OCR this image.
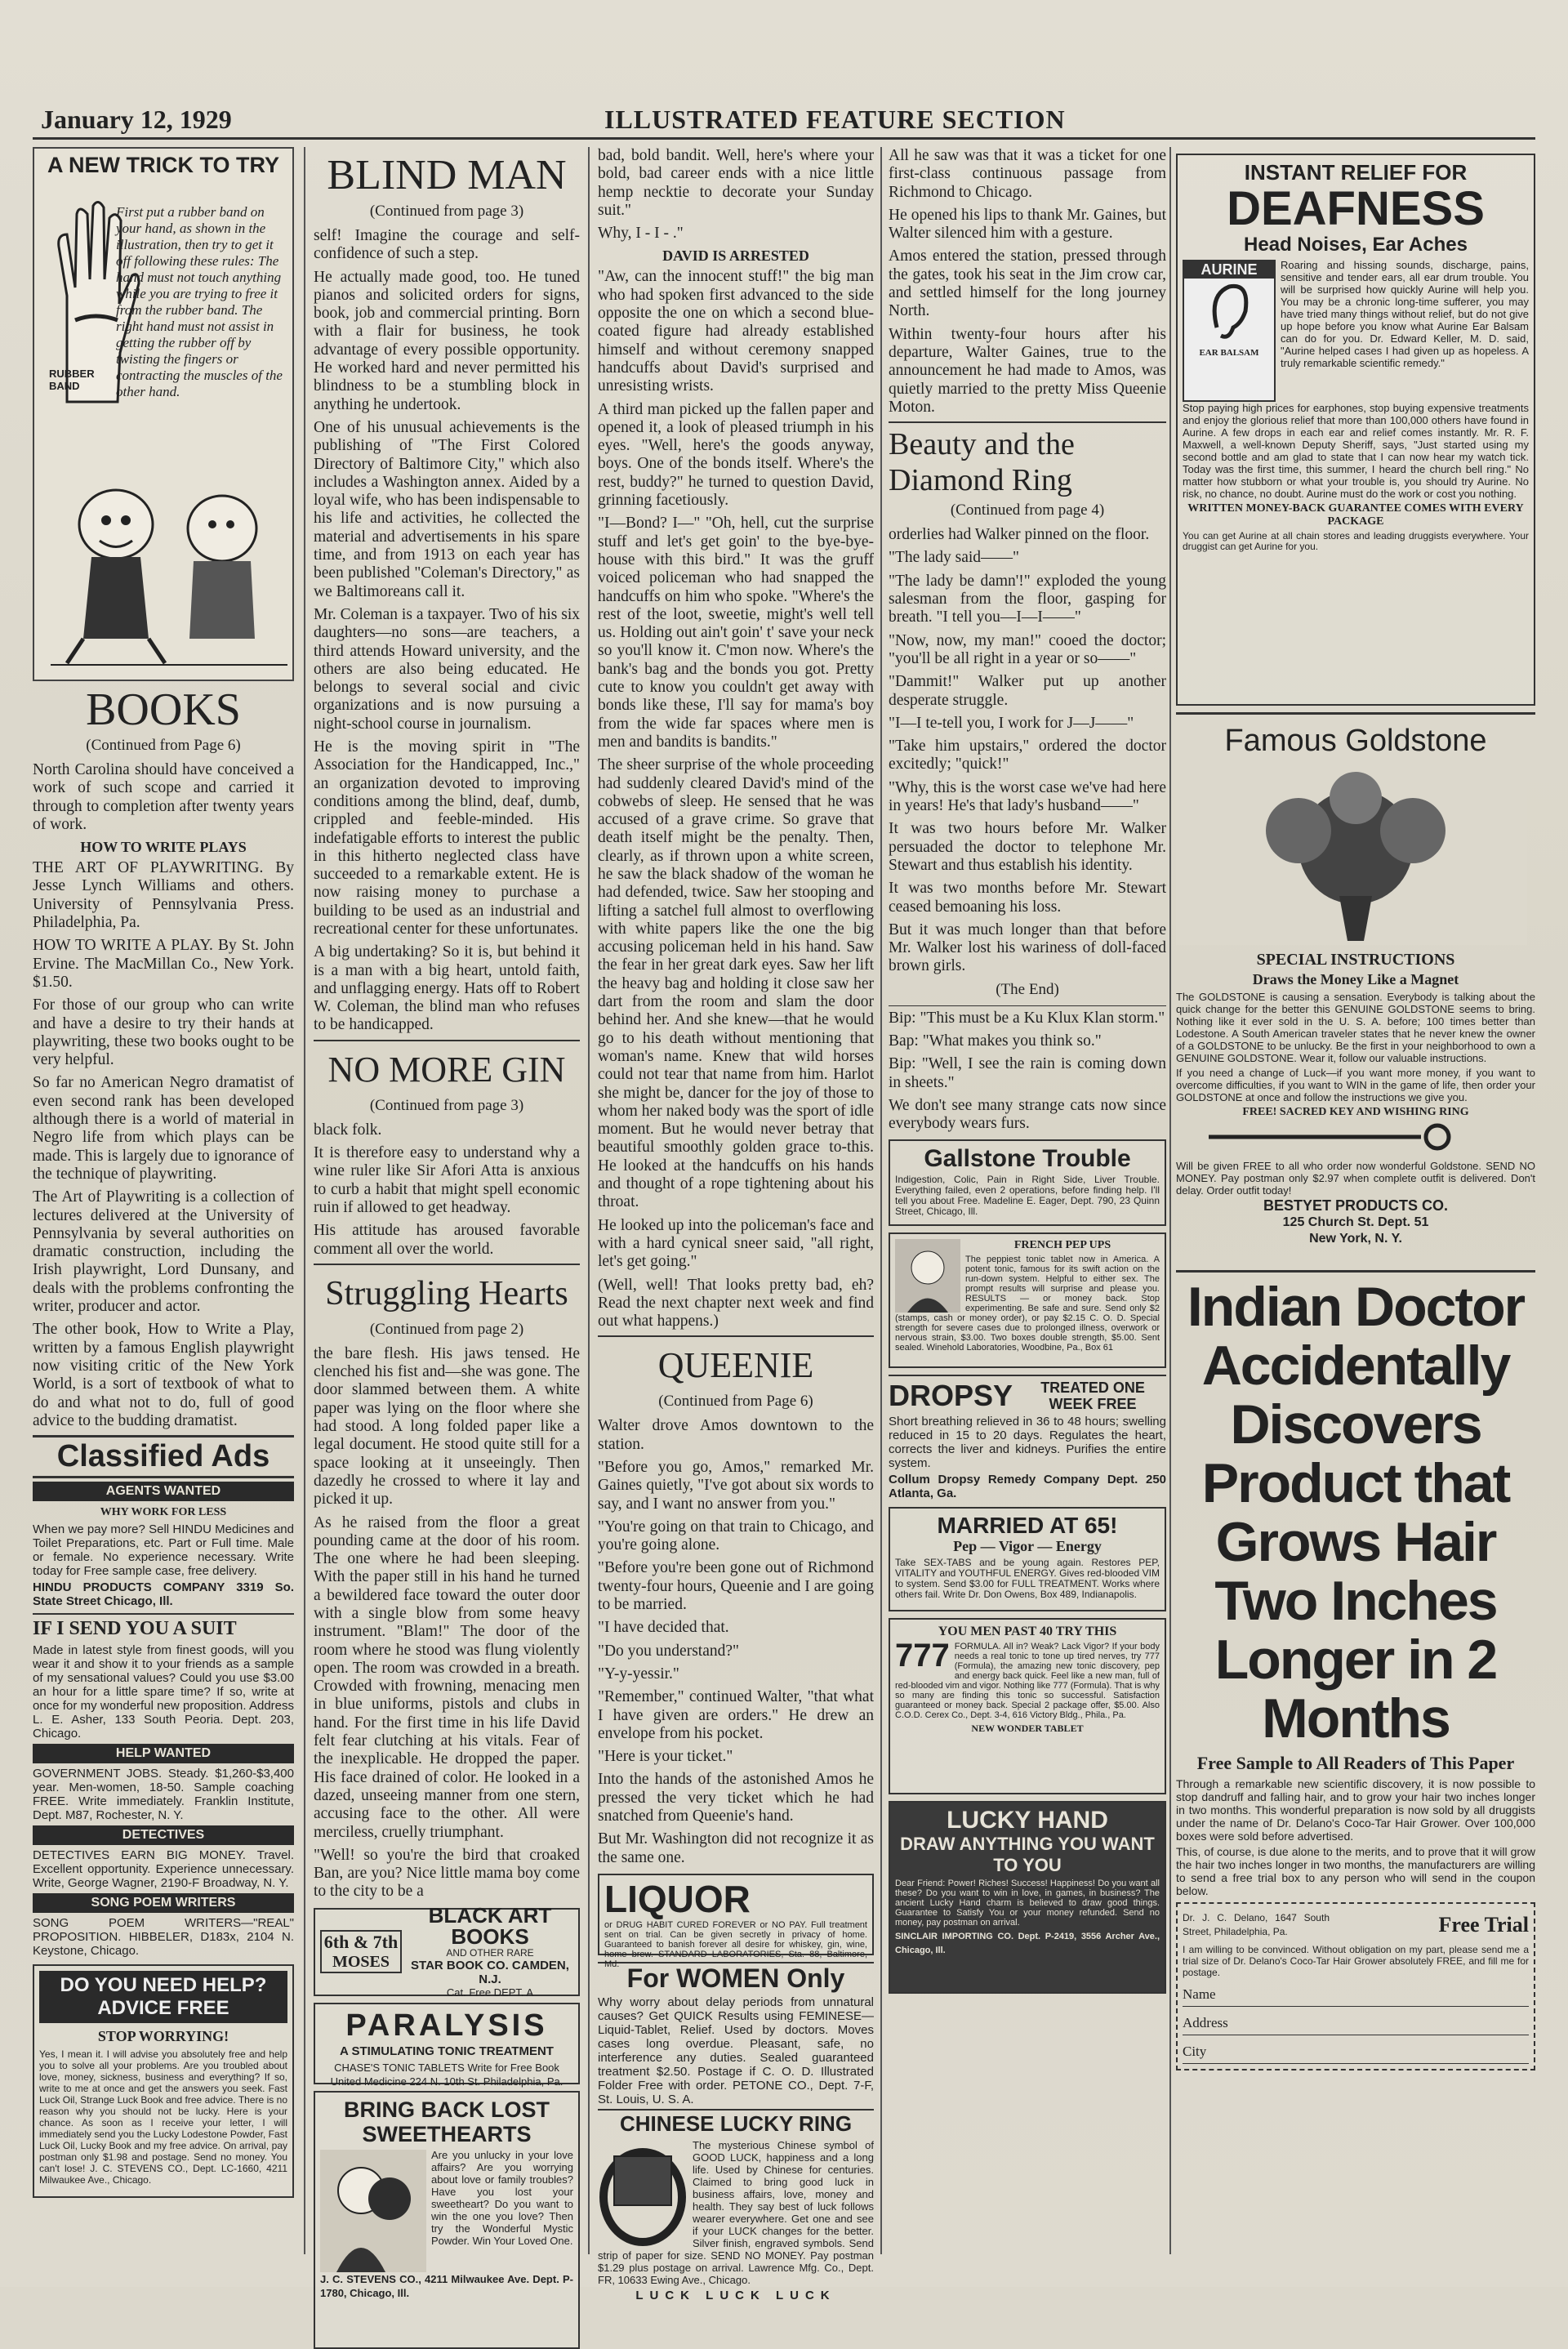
January 12, 1929	ILLUSTRATED FEATURE SECTION
A NEW TRICK TO TRY
RUBBER BAND
First put a rubber band on your hand, as shown in the illustration, then try to get it off following these rules: The hand must not touch anything while you are trying to free it from the rubber band. The right hand must not assist in getting the rubber off by twisting the fingers or contracting the muscles of the other hand.
BOOKS
(Continued from Page 6)

North Carolina should have conceived a work of such scope and carried it through to completion after twenty years of work.

HOW TO WRITE PLAYS

THE ART OF PLAYWRITING. By Jesse Lynch Williams and others. University of Pennsylvania Press. Philadelphia, Pa.

HOW TO WRITE A PLAY. By St. John Ervine. The MacMillan Co., New York. $1.50.

For those of our group who can write and have a desire to try their hands at playwriting, these two books ought to be very helpful.

So far no American Negro dramatist of even second rank has been developed although there is a world of material in Negro life from which plays can be made. This is largely due to ignorance of the technique of playwriting.

The Art of Playwriting is a collection of lectures delivered at the University of Pennsylvania by several authorities on dramatic construction, including the Irish playwright, Lord Dunsany, and deals with the problems confronting the writer, producer and actor.

The other book, How to Write a Play, written by a famous English playwright now visiting critic of the New York World, is a sort of textbook of what to do and what not to do, full of good advice to the budding dramatist.

Classified Ads
AGENTS WANTED
WHY WORK FOR LESS

When we pay more? Sell HINDU Medicines and Toilet Preparations, etc. Part or Full time. Male or female. No experience necessary. Write today for Free sample case, free delivery.

HINDU PRODUCTS COMPANY 3319 So. State Street Chicago, Ill.

IF I SEND YOU A SUIT

Made in latest style from finest goods, will you wear it and show it to your friends as a sample of my sensational values? Could you use $3.00 an hour for a little spare time? If so, write at once for my wonderful new proposition. Address L. E. Asher, 133 South Peoria. Dept. 203, Chicago.

HELP WANTED

GOVERNMENT JOBS. Steady. $1,260-$3,400 year. Men-women, 18-50. Sample coaching FREE. Write immediately. Franklin Institute, Dept. M87, Rochester, N. Y.

DETECTIVES

DETECTIVES EARN BIG MONEY. Travel. Excellent opportunity. Experience unnecessary. Write, George Wagner, 2190-F Broadway, N. Y.

SONG POEM WRITERS

SONG POEM WRITERS—"REAL" PROPOSITION. HIBBELER, D183x, 2104 N. Keystone, Chicago.

DO YOU NEED HELP? ADVICE FREE
STOP WORRYING!

Yes, I mean it. I will advise you absolutely free and help you to solve all your problems. Are you troubled about love, money, sickness, business and everything? If so, write to me at once and get the answers you seek. Fast Luck Oil, Strange Luck Book and free advice. There is no reason why you should not be lucky. Here is your chance. As soon as I receive your letter, I will immediately send you the Lucky Lodestone Powder, Fast Luck Oil, Lucky Book and my free advice. On arrival, pay postman only $1.98 and postage. Send no money. You can't lose! J. C. STEVENS CO., Dept. LC-1660, 4211 Milwaukee Ave., Chicago.

BLIND MAN
(Continued from page 3)

self! Imagine the courage and self-confidence of such a step.

He actually made good, too. He tuned pianos and solicited orders for signs, book, job and commercial printing. Born with a flair for business, he took advantage of every possible opportunity. He worked hard and never permitted his blindness to be a stumbling block in anything he undertook.

One of his unusual achievements is the publishing of "The First Colored Directory of Baltimore City," which also includes a Washington annex. Aided by a loyal wife, who has been indispensable to his life and activities, he collected the material and advertisements in his spare time, and from 1913 on each year has been published "Coleman's Directory," as we Baltimoreans call it.

Mr. Coleman is a taxpayer. Two of his six daughters—no sons—are teachers, a third attends Howard university, and the others are also being educated. He belongs to several social and civic organizations and is now pursuing a night-school course in journalism.

He is the moving spirit in "The Association for the Handicapped, Inc.," an organization devoted to improving conditions among the blind, deaf, dumb, crippled and feeble-minded. His indefatigable efforts to interest the public in this hitherto neglected class have succeeded to a remarkable extent. He is now raising money to purchase a building to be used as an industrial and recreational center for these unfortunates.

A big undertaking? So it is, but behind it is a man with a big heart, untold faith, and unflagging energy. Hats off to Robert W. Coleman, the blind man who refuses to be handicapped.

NO MORE GIN
(Continued from page 3)

black folk.

It is therefore easy to understand why a wine ruler like Sir Afori Atta is anxious to curb a habit that might spell economic ruin if allowed to get headway.

His attitude has aroused favorable comment all over the world.

Struggling Hearts
(Continued from page 2)

the bare flesh. His jaws tensed. He clenched his fist and—she was gone. The door slammed between them. A white paper was lying on the floor where she had stood. A long folded paper like a legal document. He stood quite still for a space looking at it unseeingly. Then dazedly he crossed to where it lay and picked it up.

As he raised from the floor a great pounding came at the door of his room. The one where he had been sleeping. With the paper still in his hand he turned a bewildered face toward the outer door with a single blow from some heavy instrument. "Blam!" The door of the room where he stood was flung violently open. The room was crowded in a breath. Crowded with frowning, menacing men in blue uniforms, pistols and clubs in hand. For the first time in his life David felt fear clutching at his vitals. Fear of the inexplicable. He dropped the paper. His face drained of color. He looked in a dazed, unseeing manner from one stern, accusing face to the other. All were merciless, cruelly triumphant.

"Well! so you're the bird that croaked Ban, are you? Nice little mama boy come to the city to be a

6th & 7th
MOSES
BLACK ART BOOKS
AND OTHER RARE
STAR BOOK CO. CAMDEN, N.J.
Cat. Free DEPT. A
PARALYSIS
A STIMULATING TONIC TREATMENT
CHASE'S TONIC TABLETS Write for Free Book United Medicine 224 N. 10th St. Philadelphia, Pa.
BRING BACK LOST SWEETHEARTS

Are you unlucky in your love affairs? Are you worrying about love or family troubles? Have you lost your sweetheart? Do you want to win the one you love? Then try the Wonderful Mystic Powder. Win Your Loved One.

J. C. STEVENS CO., 4211 Milwaukee Ave. Dept. P-1780, Chicago, Ill.

bad, bold bandit. Well, here's where your bold, bad career ends with a nice little hemp necktie to decorate your Sunday suit."

Why, I - I - ."

DAVID IS ARRESTED

"Aw, can the innocent stuff!" the big man who had spoken first advanced to the side opposite the one on which a second blue-coated figure had already established himself and without ceremony snapped handcuffs about David's surprised and unresisting wrists.

A third man picked up the fallen paper and opened it, a look of pleased triumph in his eyes. "Well, here's the goods anyway, boys. One of the bonds itself. Where's the rest, buddy?" he turned to question David, grinning facetiously.

"I—Bond? I—" "Oh, hell, cut the surprise stuff and let's get goin' to the bye-bye-house with this bird." It was the gruff voiced policeman who had snapped the handcuffs on him who spoke. "Where's the rest of the loot, sweetie, might's well tell us. Holding out ain't goin' t' save your neck so you'll know it. C'mon now. Where's the bank's bag and the bonds you got. Pretty cute to know you couldn't get away with bonds like these, I'll say for mama's boy from the wide far spaces where men is men and bandits is bandits."

The sheer surprise of the whole proceeding had suddenly cleared David's mind of the cobwebs of sleep. He sensed that he was accused of a grave crime. So grave that death itself might be the penalty. Then, clearly, as if thrown upon a white screen, he saw the black shadow of the woman he had defended, twice. Saw her stooping and lifting a satchel full almost to overflowing with white papers like the one the big accusing policeman held in his hand. Saw the fear in her great dark eyes. Saw her lift the heavy bag and holding it close saw her dart from the room and slam the door behind her. And she knew—that he would go to his death without mentioning that woman's name. Knew that wild horses could not tear that name from him. Harlot she might be, dancer for the joy of those to whom her naked body was the sport of idle moment. But he would never betray that beautiful smoothly golden grace to-this. He looked at the handcuffs on his hands and thought of a rope tightening about his throat.

He looked up into the policeman's face and with a hard cynical sneer said, "all right, let's get going."

(Well, well! That looks pretty bad, eh? Read the next chapter next week and find out what happens.)

QUEENIE
(Continued from Page 6)

Walter drove Amos downtown to the station.

"Before you go, Amos," remarked Mr. Gaines quietly, "I've got about six words to say, and I want no answer from you."

"You're going on that train to Chicago, and you're going alone.

"Before you're been gone out of Richmond twenty-four hours, Queenie and I are going to be married.

"I have decided that.

"Do you understand?"

"Y-y-yessir."

"Remember," continued Walter, "that what I have given are orders." He drew an envelope from his pocket.

"Here is your ticket."

Into the hands of the astonished Amos he pressed the very ticket which he had snatched from Queenie's hand.

But Mr. Washington did not recognize it as the same one.

LIQUOR
or DRUG HABIT CURED FOREVER or NO PAY. Full treatment sent on trial. Can be given secretly in privacy of home. Guaranteed to banish forever all desire for whiskey, gin, wine, home brew. STANDARD LABORATORIES, Sta. 88, Baltimore, Md. For WOMEN Only

Why worry about delay periods from unnatural causes? Get QUICK Results using FEMINESE—Liquid-Tablet, Relief. Used by doctors. Moves cases long overdue. Pleasant, safe, no interference any duties. Sealed guaranteed treatment $2.50. Postage if C. O. D. Illustrated Folder Free with order. PETONE CO., Dept. 7-F, St. Louis, U. S. A.

CHINESE LUCKY RING

The mysterious Chinese symbol of GOOD LUCK, happiness and a long life. Used by Chinese for centuries. Claimed to bring good luck in business affairs, love, money and health. They say best of luck follows wearer everywhere. Get one and see if your LUCK changes for the better. Silver finish, engraved symbols. Send strip of paper for size. SEND NO MONEY. Pay postman $1.29 plus postage on arrival. Lawrence Mfg. Co., Dept. FR, 10633 Ewing Ave., Chicago.

LUCK LUCK LUCK

All he saw was that it was a ticket for one first-class continuous passage from Richmond to Chicago.

He opened his lips to thank Mr. Gaines, but Walter silenced him with a gesture.

Amos entered the station, pressed through the gates, took his seat in the Jim crow car, and settled himself for the long journey North.

Within twenty-four hours after his departure, Walter Gaines, true to the announcement he had made to Amos, was quietly married to the pretty Miss Queenie Moton.

Beauty and the Diamond Ring
(Continued from page 4)

orderlies had Walker pinned on the floor.

"The lady said——"

"The lady be damn'!" exploded the young salesman from the floor, gasping for breath. "I tell you—I—I——"

"Now, now, my man!" cooed the doctor; "you'll be all right in a year or so——"

"Dammit!" Walker put up another desperate struggle.

"I—I te-tell you, I work for J—J——"

"Take him upstairs," ordered the doctor excitedly; "quick!"

"Why, this is the worst case we've had here in years! He's that lady's husband——"

It was two hours before Mr. Walker persuaded the doctor to telephone Mr. Stewart and thus establish his identity.

It was two months before Mr. Stewart ceased bemoaning his loss.

But it was much longer than that before Mr. Walker lost his wariness of doll-faced brown girls.

(The End)

Bip: "This must be a Ku Klux Klan storm."

Bap: "What makes you think so."

Bip: "Well, I see the rain is coming down in sheets."

We don't see many strange cats now since everybody wears furs.

Gallstone Trouble

Indigestion, Colic, Pain in Right Side, Liver Trouble. Everything failed, even 2 operations, before finding help. I'll tell you about Free. Madeline E. Eager, Dept. 790, 23 Quinn Street, Chicago, Ill.

FRENCH PEP UPS

The peppiest tonic tablet now in America. A potent tonic, famous for its swift action on the run-down system. Helpful to either sex. The prompt results will surprise and please you. RESULTS — or money back. Stop experimenting. Be safe and sure. Send only $2 (stamps, cash or money order), or pay $2.15 C. O. D. Special strength for severe cases due to prolonged illness, overwork or nervous strain, $3.00. Two boxes double strength, $5.00. Sent sealed. Winehold Laboratories, Woodbine, Pa., Box 61

DROPSY	TREATED ONE WEEK FREE

Short breathing relieved in 36 to 48 hours; swelling reduced in 15 to 20 days. Regulates the heart, corrects the liver and kidneys. Purifies the entire system.

Collum Dropsy Remedy Company Dept. 250 Atlanta, Ga.

MARRIED AT 65!
Pep — Vigor — Energy

Take SEX-TABS and be young again. Restores PEP, VITALITY and YOUTHFUL ENERGY. Gives red-blooded VIM to system. Send $3.00 for FULL TREATMENT. Works where others fail. Write Dr. Don Owens, Box 489, Indianapolis.

YOU MEN PAST 40 TRY THIS
777 FORMULA. All in? Weak? Lack Vigor? If your body needs a real tonic to tone up tired nerves, try 777 (Formula), the amazing new tonic discovery, pep and energy back quick. Feel like a new man, full of red-blooded vim and vigor. Nothing like 777 (Formula). That is why so many are finding this tonic so successful. Satisfaction guaranteed or money back. Special 2 package offer, $5.00. Also C.O.D. Cerex Co., Dept. 3-4, 616 Victory Bldg., Phila., Pa.

NEW WONDER TABLET
LUCKY HAND
DRAW ANYTHING YOU WANT TO YOU

Dear Friend: Power! Riches! Success! Happiness! Do you want all these? Do you want to win in love, in games, in business? The ancient Lucky Hand charm is believed to draw good things. Guarantee to Satisfy You or your money refunded. Send no money, pay postman on arrival.

SINCLAIR IMPORTING CO. Dept. P-2419, 3556 Archer Ave., Chicago, Ill.

INSTANT RELIEF FOR
DEAFNESS
Head Noises, Ear Aches
AURINE
EAR BALSAM

Roaring and hissing sounds, discharge, pains, sensitive and tender ears, all ear drum trouble. You will be surprised how quickly Aurine will help you. You may be a chronic long-time sufferer, you may have tried many things without relief, but do not give up hope before you know what Aurine Ear Balsam can do for you. Dr. Edward Keller, M. D. said, "Aurine helped cases I had given up as hopeless. A truly remarkable scientific remedy."

Stop paying high prices for earphones, stop buying expensive treatments and enjoy the glorious relief that more than 100,000 others have found in Aurine. A few drops in each ear and relief comes instantly. Mr. R. F. Maxwell, a well-known Deputy Sheriff, says, "Just started using my second bottle and am glad to state that I can now hear my watch tick. Today was the first time, this summer, I heard the church bell ring." No matter how stubborn or what your trouble is, you should try Aurine. No risk, no chance, no doubt. Aurine must do the work or cost you nothing.

WRITTEN MONEY-BACK GUARANTEE COMES WITH EVERY PACKAGE

You can get Aurine at all chain stores and leading druggists everywhere. Your druggist can get Aurine for you.

Famous Goldstone
SPECIAL INSTRUCTIONS
Draws the Money Like a Magnet

The GOLDSTONE is causing a sensation. Everybody is talking about the quick change for the better this GENUINE GOLDSTONE seems to bring. Nothing like it ever sold in the U. S. A. before; 100 times better than Lodestone. A South American traveler states that he never knew the owner of a GOLDSTONE to be unlucky. Be the first in your neighborhood to own a GENUINE GOLDSTONE. Wear it, follow our valuable instructions.

If you need a change of Luck—if you want more money, if you want to overcome difficulties, if you want to WIN in the game of life, then order your GOLDSTONE at once and follow the instructions we give you.

FREE! SACRED KEY AND WISHING RING

Will be given FREE to all who order now wonderful Goldstone. SEND NO MONEY. Pay postman only $2.97 when complete outfit is delivered. Don't delay. Order outfit today!

BESTYET PRODUCTS CO.
125 Church St. Dept. 51
New York, N. Y.
Indian Doctor Accidentally Discovers Product that Grows Hair Two Inches Longer in 2 Months
Free Sample to All Readers of This Paper

Through a remarkable new scientific discovery, it is now possible to stop dandruff and falling hair, and to grow your hair two inches longer in two months. This wonderful preparation is now sold by all druggists under the name of Dr. Delano's Coco-Tar Hair Grower. Over 100,000 boxes were sold before advertised.

This, of course, is due alone to the merits, and to prove that it will grow the hair two inches longer in two months, the manufacturers are willing to send a free trial box to any person who will send in the coupon below.

Dr. J. C. Delano, 1647 South Street, Philadelphia, Pa.	Free Trial

I am willing to be convinced. Without obligation on my part, please send me a trial size of Dr. Delano's Coco-Tar Hair Grower absolutely FREE, and fill me for postage.

Name
Address
City
